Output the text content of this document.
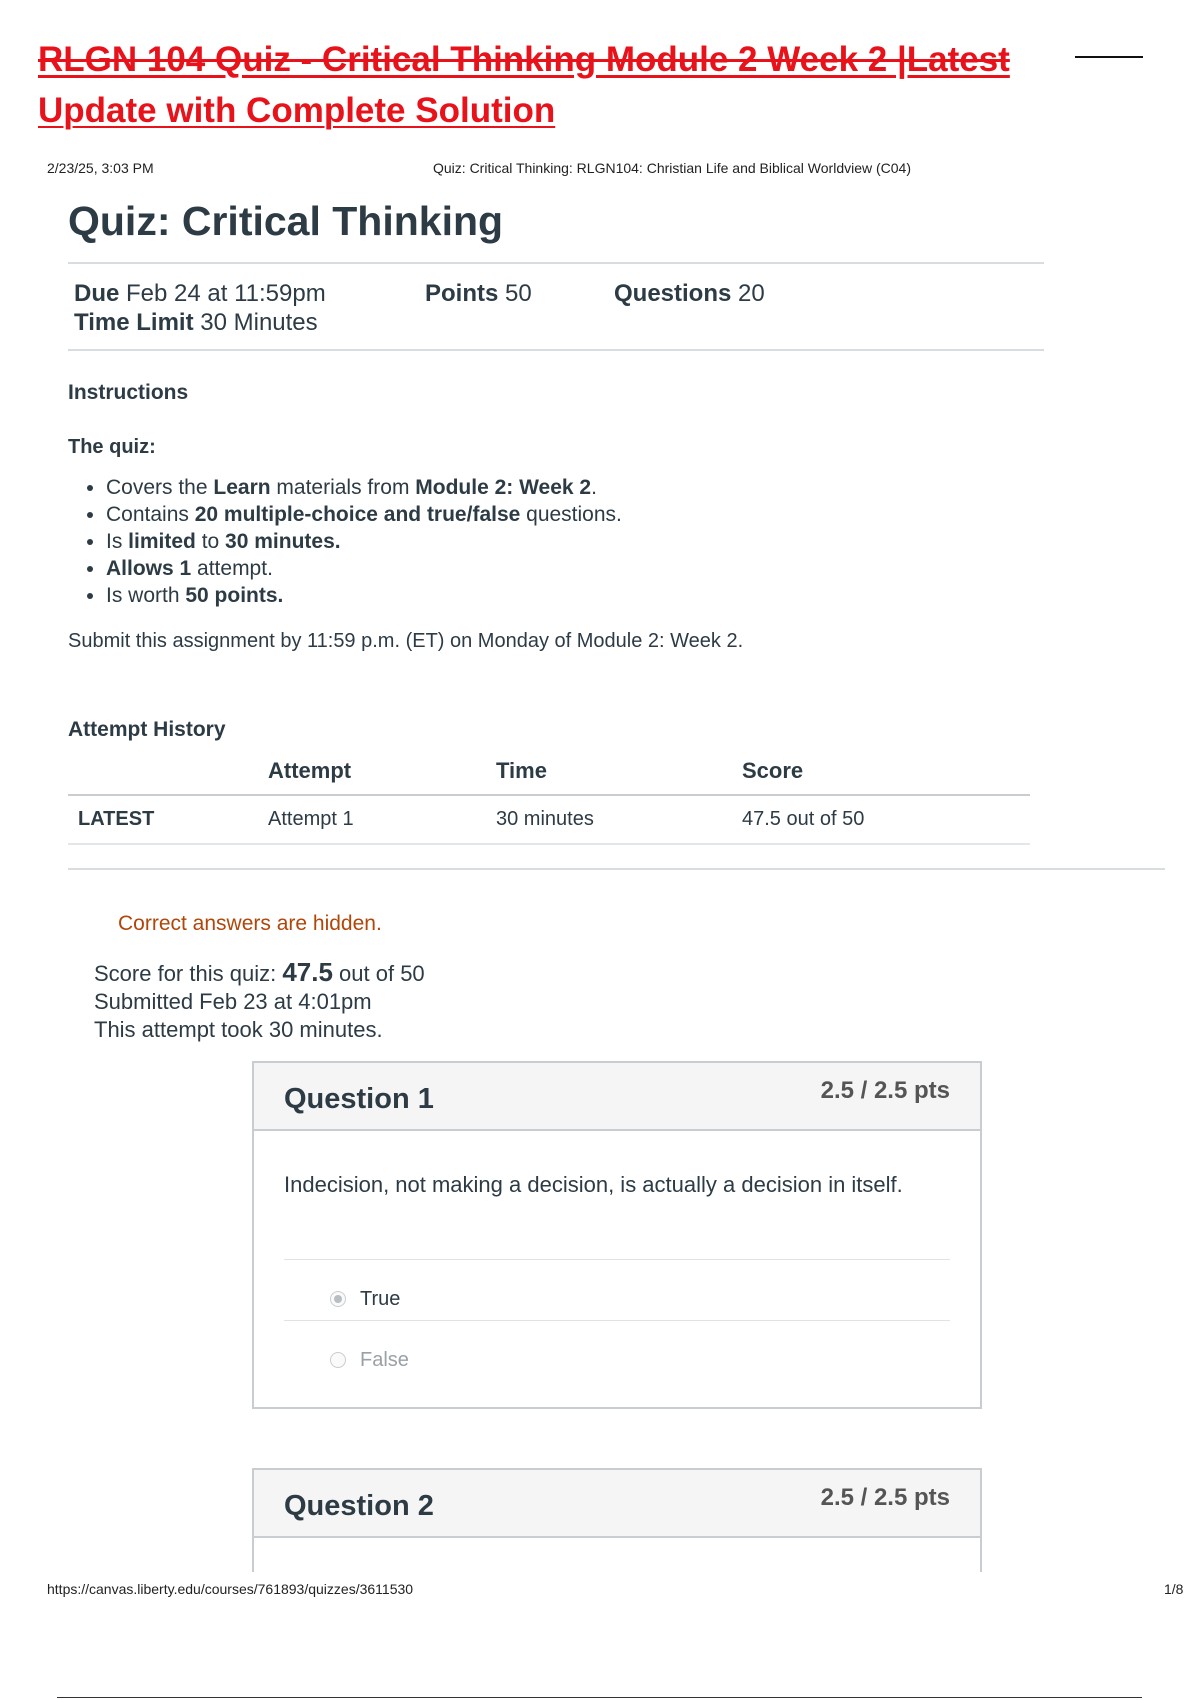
RLGN 104 Quiz - Critical Thinking Module 2 Week 2 |Latest
Update with Complete Solution
2/23/25, 3:03 PM	Quiz: Critical Thinking: RLGN104: Christian Life and Biblical Worldview (C04)
Quiz: Critical Thinking
Due Feb 24 at 11:59pm	Points 50	Questions 20
Time Limit 30 Minutes
Instructions
The quiz:
• Covers the Learn materials from Module 2: Week 2.
• Contains 20 multiple-choice and true/false questions.
• Is limited to 30 minutes.
• Allows 1 attempt.
• Is worth 50 points.
Submit this assignment by 11:59 p.m. (ET) on Monday of Module 2: Week 2.
Attempt History
	Attempt	Time	Score
LATEST	Attempt 1	30 minutes	47.5 out of 50
Correct answers are hidden.
Score for this quiz: 47.5 out of 50
Submitted Feb 23 at 4:01pm
This attempt took 30 minutes.
Question 1	2.5 / 2.5 pts
Indecision, not making a decision, is actually a decision in itself.
True
False
Question 2	2.5 / 2.5 pts
https://canvas.liberty.edu/courses/761893/quizzes/3611530	1/8
